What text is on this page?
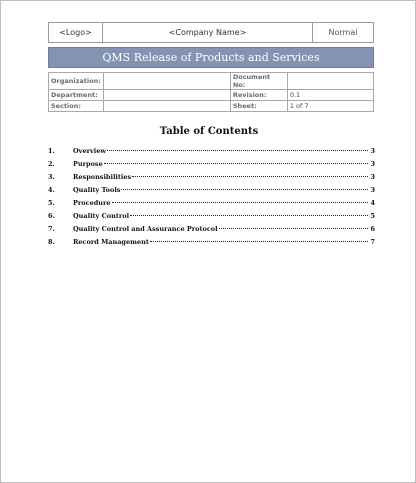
<Logo>	<Company Name>	Normal
QMS Release of Products and Services
Organization:		Document No:	
Department:		Revision:	0.1
Section:		Sheet:	1 of 7
Table of Contents
1.	Overview	3
2.	Purpose	3
3.	Responsibilities	3
4.	Quality Tools	3
5.	Procedure	4
6.	Quality Control	5
7.	Quality Control and Assurance Protocol	6
8.	Record Management	7
